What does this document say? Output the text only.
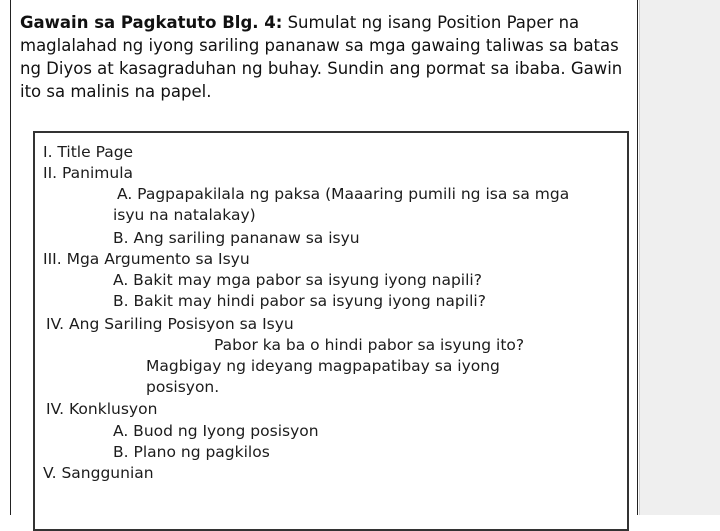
Gawain sa Pagkatuto Blg. 4: Sumulat ng isang Position Paper na maglalahad ng iyong sariling pananaw sa mga gawaing taliwas sa batas ng Diyos at kasagraduhan ng buhay. Sundin ang pormat sa ibaba. Gawin ito sa malinis na papel.
I. Title Page
II. Panimula
A. Pagpapakilala ng paksa (Maaaring pumili ng isa sa mga
isyu na natalakay)
B. Ang sariling pananaw sa isyu
III. Mga Argumento sa Isyu
A. Bakit may mga pabor sa isyung iyong napili?
B. Bakit may hindi pabor sa isyung iyong napili?
IV. Ang Sariling Posisyon sa Isyu
Pabor ka ba o hindi pabor sa isyung ito?
Magbigay ng ideyang magpapatibay sa iyong
posisyon.
IV. Konklusyon
A. Buod ng Iyong posisyon
B. Plano ng pagkilos
V. Sanggunian
